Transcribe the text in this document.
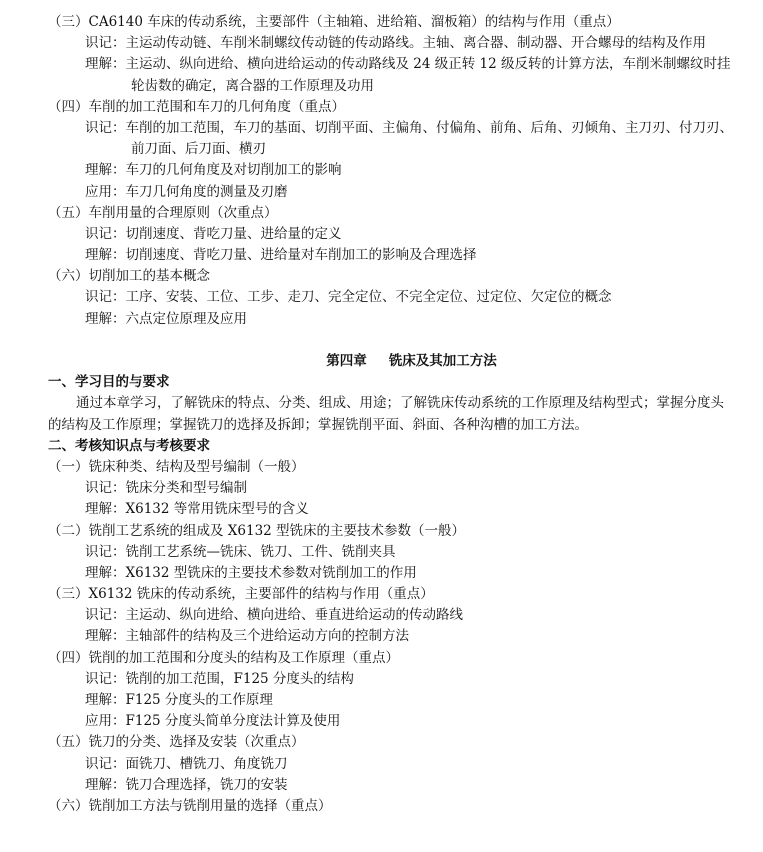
（三）CA6140 车床的传动系统，主要部件（主轴箱、进给箱、溜板箱）的结构与作用（重点）
识记：主运动传动链、车削米制螺纹传动链的传动路线。主轴、离合器、制动器、开合螺母的结构及作用
理解：主运动、纵向进给、横向进给运动的传动路线及 24 级正转 12 级反转的计算方法，车削米制螺纹时挂
轮齿数的确定，离合器的工作原理及功用
（四）车削的加工范围和车刀的几何角度（重点）
识记：车削的加工范围，车刀的基面、切削平面、主偏角、付偏角、前角、后角、刃倾角、主刀刃、付刀刃、
前刀面、后刀面、横刃
理解：车刀的几何角度及对切削加工的影响
应用：车刀几何角度的测量及刃磨
（五）车削用量的合理原则（次重点）
识记：切削速度、背吃刀量、进给量的定义
理解：切削速度、背吃刀量、进给量对车削加工的影响及合理选择
（六）切削加工的基本概念
识记：工序、安装、工位、工步、走刀、完全定位、不完全定位、过定位、欠定位的概念
理解：六点定位原理及应用
第四章 铣床及其加工方法
一、学习目的与要求
通过本章学习，了解铣床的特点、分类、组成、用途；了解铣床传动系统的工作原理及结构型式；掌握分度头
的结构及工作原理；掌握铣刀的选择及拆卸；掌握铣削平面、斜面、各种沟槽的加工方法。
二、考核知识点与考核要求
（一）铣床种类、结构及型号编制（一般）
识记：铣床分类和型号编制
理解：X6132 等常用铣床型号的含义
（二）铣削工艺系统的组成及 X6132 型铣床的主要技术参数（一般）
识记：铣削工艺系统—铣床、铣刀、工件、铣削夹具
理解：X6132 型铣床的主要技术参数对铣削加工的作用
（三）X6132 铣床的传动系统，主要部件的结构与作用（重点）
识记：主运动、纵向进给、横向进给、垂直进给运动的传动路线
理解：主轴部件的结构及三个进给运动方向的控制方法
（四）铣削的加工范围和分度头的结构及工作原理（重点）
识记：铣削的加工范围，F125 分度头的结构
理解：F125 分度头的工作原理
应用：F125 分度头简单分度法计算及使用
（五）铣刀的分类、选择及安装（次重点）
识记：面铣刀、槽铣刀、角度铣刀
理解：铣刀合理选择，铣刀的安装
（六）铣削加工方法与铣削用量的选择（重点）
